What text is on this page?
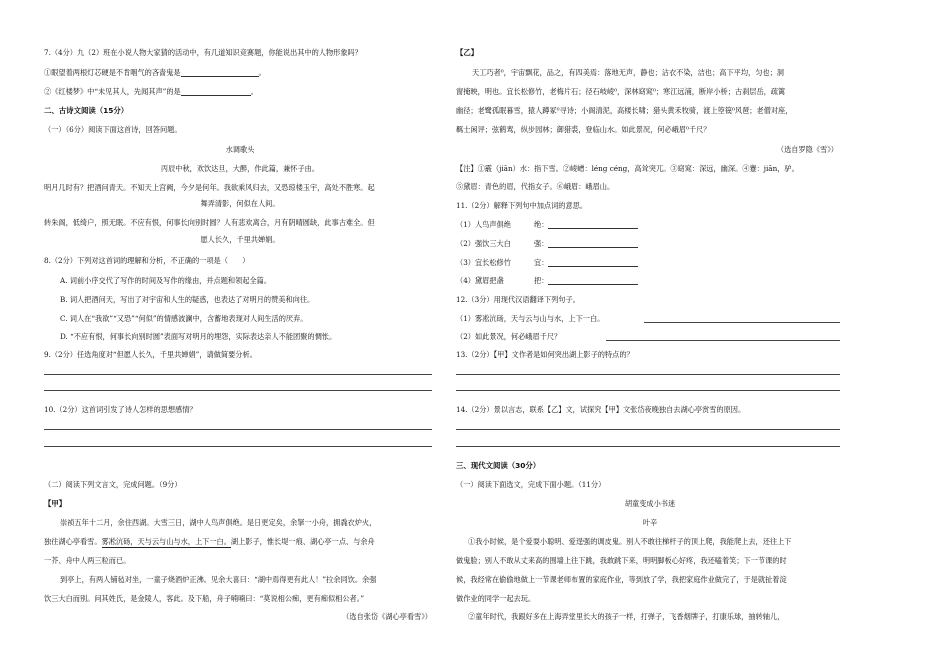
7.（4分）九（2）班在小说人物大家猜的活动中，有几道知识竞赛题，你能说出其中的人物形象吗？
①眼望着两根灯芯硬是不肯咽气的吝啬鬼是	。
②《红楼梦》中“未见其人，先闻其声”的是	。
二、古诗文阅读（15分）
（一）（6分）阅读下面这首诗，回答问题。
水调歌头
丙辰中秋，欢饮达旦，大醉，作此篇，兼怀子由。
明月几时有？把酒问青天。不知天上宫阙，今夕是何年。我欲乘风归去，又恐琼楼玉宇，高处不胜寒。起
舞弄清影，何似在人间。
转朱阁，低绮户，照无眠。不应有恨，何事长向别时圆？人有悲欢离合，月有阴晴圆缺，此事古难全。但
愿人长久，千里共婵娟。
8.（2分）下列对这首词的理解和分析，不正确的一项是（　　）
A. 词前小序交代了写作的时间及写作的缘由，并点题和领起全篇。
B. 词人把酒问天，写出了对宇宙和人生的疑惑，也表达了对明月的赞美和向往。
C. 词人在“我欲”“又恐”“何似”的情感波澜中，含蓄地表现对人间生活的厌弃。
D. “不应有恨，何事长向别时圆”表面写对明月的埋怨，实际表达亲人不能团聚的惆怅。
9.（2分）任选角度对“但愿人长久，千里共婵娟”，请做简要分析。
10.（2分）这首词引发了诗人怎样的思想感情？
（二）阅读下列文言文，完成问题。（9分）
【甲】
崇祯五年十二月，余住西湖。大雪三日，湖中人鸟声俱绝。是日更定矣，余拏一小舟，拥毳衣炉火，
独往湖心亭看雪。雾凇沆砀，天与云与山与水，上下一白。湖上影子，惟长堤一痕、湖心亭一点、与余舟
一芥、舟中人两三粒而已。
到亭上，有两人铺毡对坐，一童子烧酒炉正沸。见余大喜曰：“湖中焉得更有此人！”拉余同饮。余强
饮三大白而别。问其姓氏，是金陵人，客此。及下船，舟子喃喃曰：“莫说相公痴，更有痴似相公者。”
（选自张岱《湖心亭看雪》）
【乙】
天工巧者⁰，宇宙飘花，品之，有四美焉：落地无声，静也；沾衣不染，洁也；高下平均，匀也；洞
窗掩映，明也。宜长松修竹，老梅片石；径石岐崚⁰，深林窈窕⁰；寒江远浦，断岸小桥；古刹层岳，疏篱
幽径；老鹭孤眠暮雪，猿人蹲冢⁰寻诗；小阁清泥，高楼长啸；猎头黄禾牧骑，渡上箜篌⁰风琶；老僧对座，
羁士闲评；弦鹤鸾，纵步园林；御猎裘，登临山水。如此景况，何必峨眉⁰千尺？
（选自罗隐《雪》）
【注】①霰（jiān）水：指下雪。②崚嶒：léng céng，高耸突兀。③窈窕：深远，幽深。④蹇：jiān，驴。
⑤黛眉：青色的眉，代指女子。⑥峨眉：峨眉山。
11.（2分）解释下列句中加点词的意思。
（1）人鸟声俱绝	绝：
（2）强饮三大白	强：
（3）宜长松修竹	宜：
（4）黛眉把盏	把：
12.（3分）用现代汉语翻译下列句子。
（1）雾凇沆砀，天与云与山与水，上下一白。
（2）如此景况，何必峨眉千尺？
13.（2分）【甲】文作者是如何突出湖上影子的特点的？
14.（2分）景以言志，联系【乙】文，试探究【甲】文张岱夜晚独自去湖心亭赏雪的原因。
三、现代文阅读（30分）
（一）阅读下面选文，完成下面小题。（11分）
胡童变成小书迷
叶辛
①我小时候，是个爱耍小聪明、爱逞强的调皮鬼。别人不敢往梯杆子的顶上爬，我能爬上去，还往上下
做鬼脸；别人不敢从丈来高的围墙上往下跳，我敢跳下来，明明脚板心好疼，我还嗑着笑；下一节课的时
候，我经常在偷偷地做上一节课老师布置的家庭作业，等到放了学，我把家庭作业做完了，于是就扯着淀
做作业的同学一起去玩。
②童年时代，我跟好多在上海弄堂里长大的孩子一样，打弹子，飞香烟牌子，打康乐球，抽转轴儿，
